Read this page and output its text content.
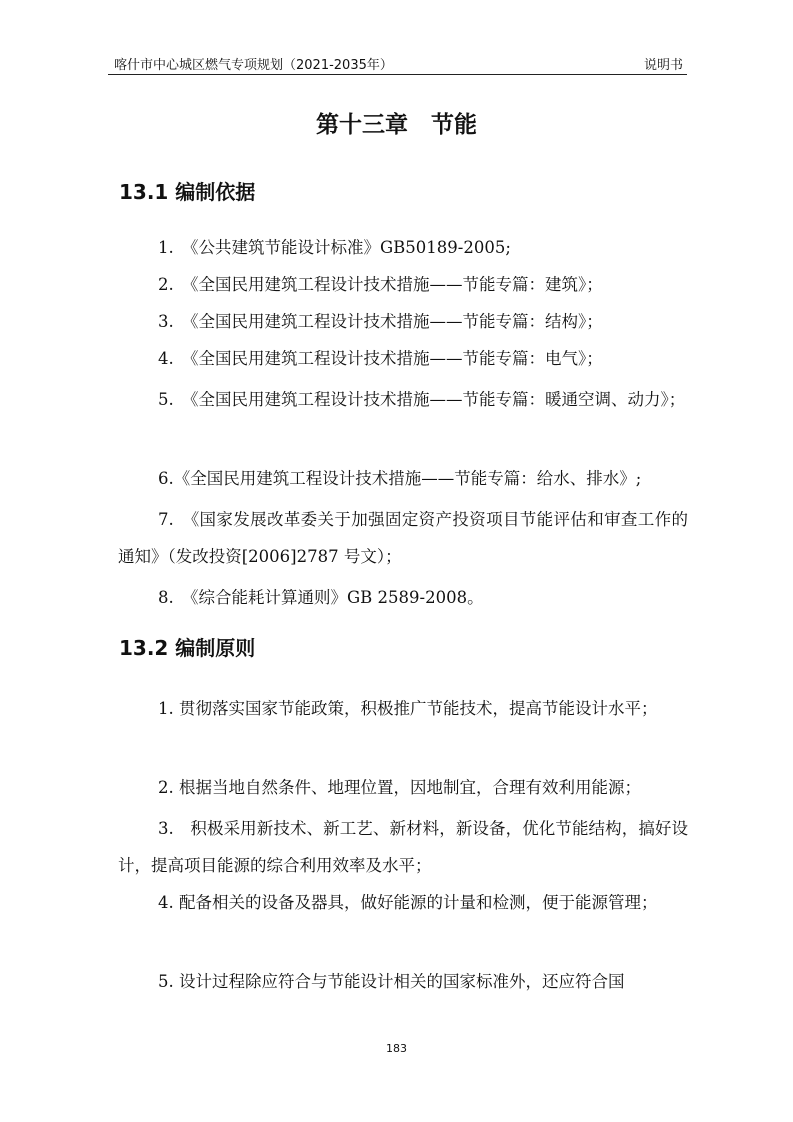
喀什市中心城区燃气专项规划（2021-2035年）	说明书
第十三章　节能
13.1 编制依据
1.　《公共建筑节能设计标准》GB50189-2005;
2.　《全国民用建筑工程设计技术措施——节能专篇：建筑》；
3.　《全国民用建筑工程设计技术措施——节能专篇：结构》；
4.　《全国民用建筑工程设计技术措施——节能专篇：电气》；
5.　《全国民用建筑工程设计技术措施——节能专篇：暖通空调、动力》；
6.《全国民用建筑工程设计技术措施——节能专篇：给水、排水》;
7.　《国家发展改革委关于加强固定资产投资项目节能评估和审查工作的通知》（发改投资[2006]2787 号文）；
8.　《综合能耗计算通则》GB 2589-2008。
13.2 编制原则
1. 贯彻落实国家节能政策，积极推广节能技术，提高节能设计水平；
2. 根据当地自然条件、地理位置，因地制宜，合理有效利用能源；
3.　积极采用新技术、新工艺、新材料，新设备，优化节能结构，搞好设计，提高项目能源的综合利用效率及水平；
4. 配备相关的设备及器具，做好能源的计量和检测，便于能源管理；
5. 设计过程除应符合与节能设计相关的国家标准外，还应符合国
183
